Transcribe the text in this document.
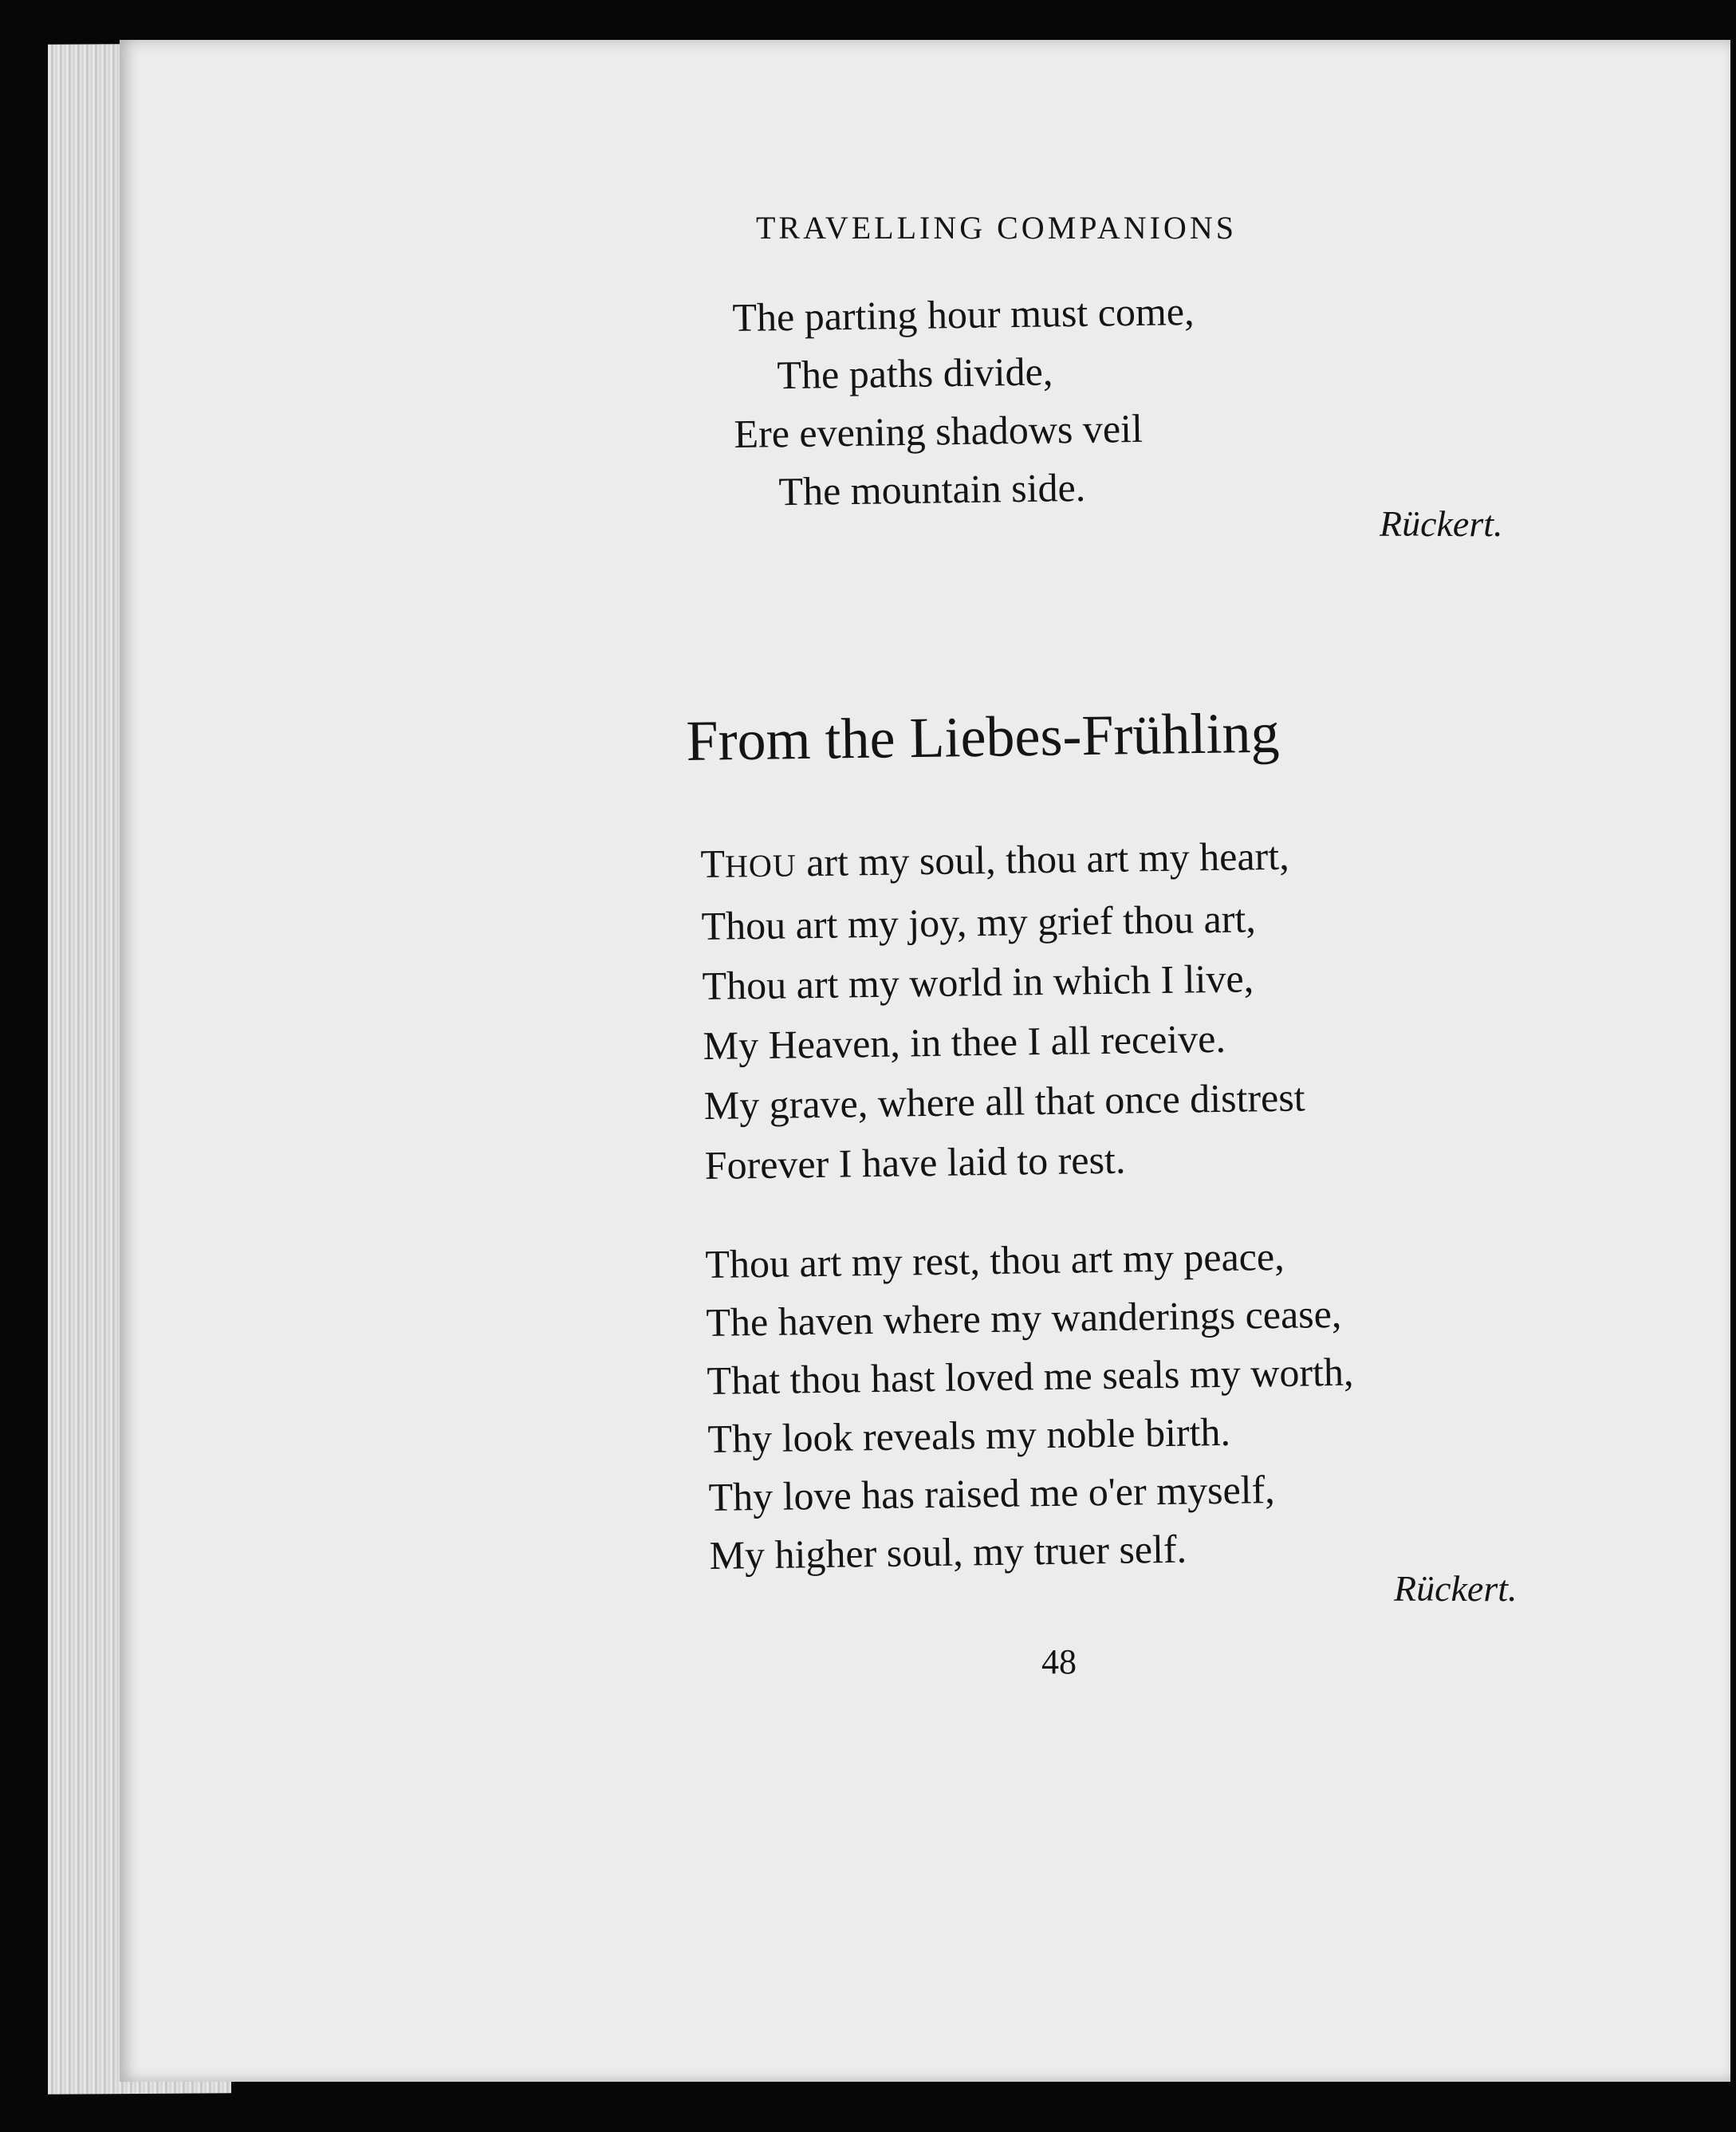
TRAVELLING COMPANIONS

The parting hour must come,
The paths divide,
Ere evening shadows veil
The mountain side.

Rückert.

From the Liebes-Frühling
THOU art my soul, thou art my heart,
Thou art my joy, my grief thou art,
Thou art my world in which I live,
My Heaven, in thee I all receive.
My grave, where all that once distrest
Forever I have laid to rest.
Thou art my rest, thou art my peace,
The haven where my wanderings cease,
That thou hast loved me seals my worth,
Thy look reveals my noble birth.
Thy love has raised me o'er myself,
My higher soul, my truer self.

Rückert.

48
